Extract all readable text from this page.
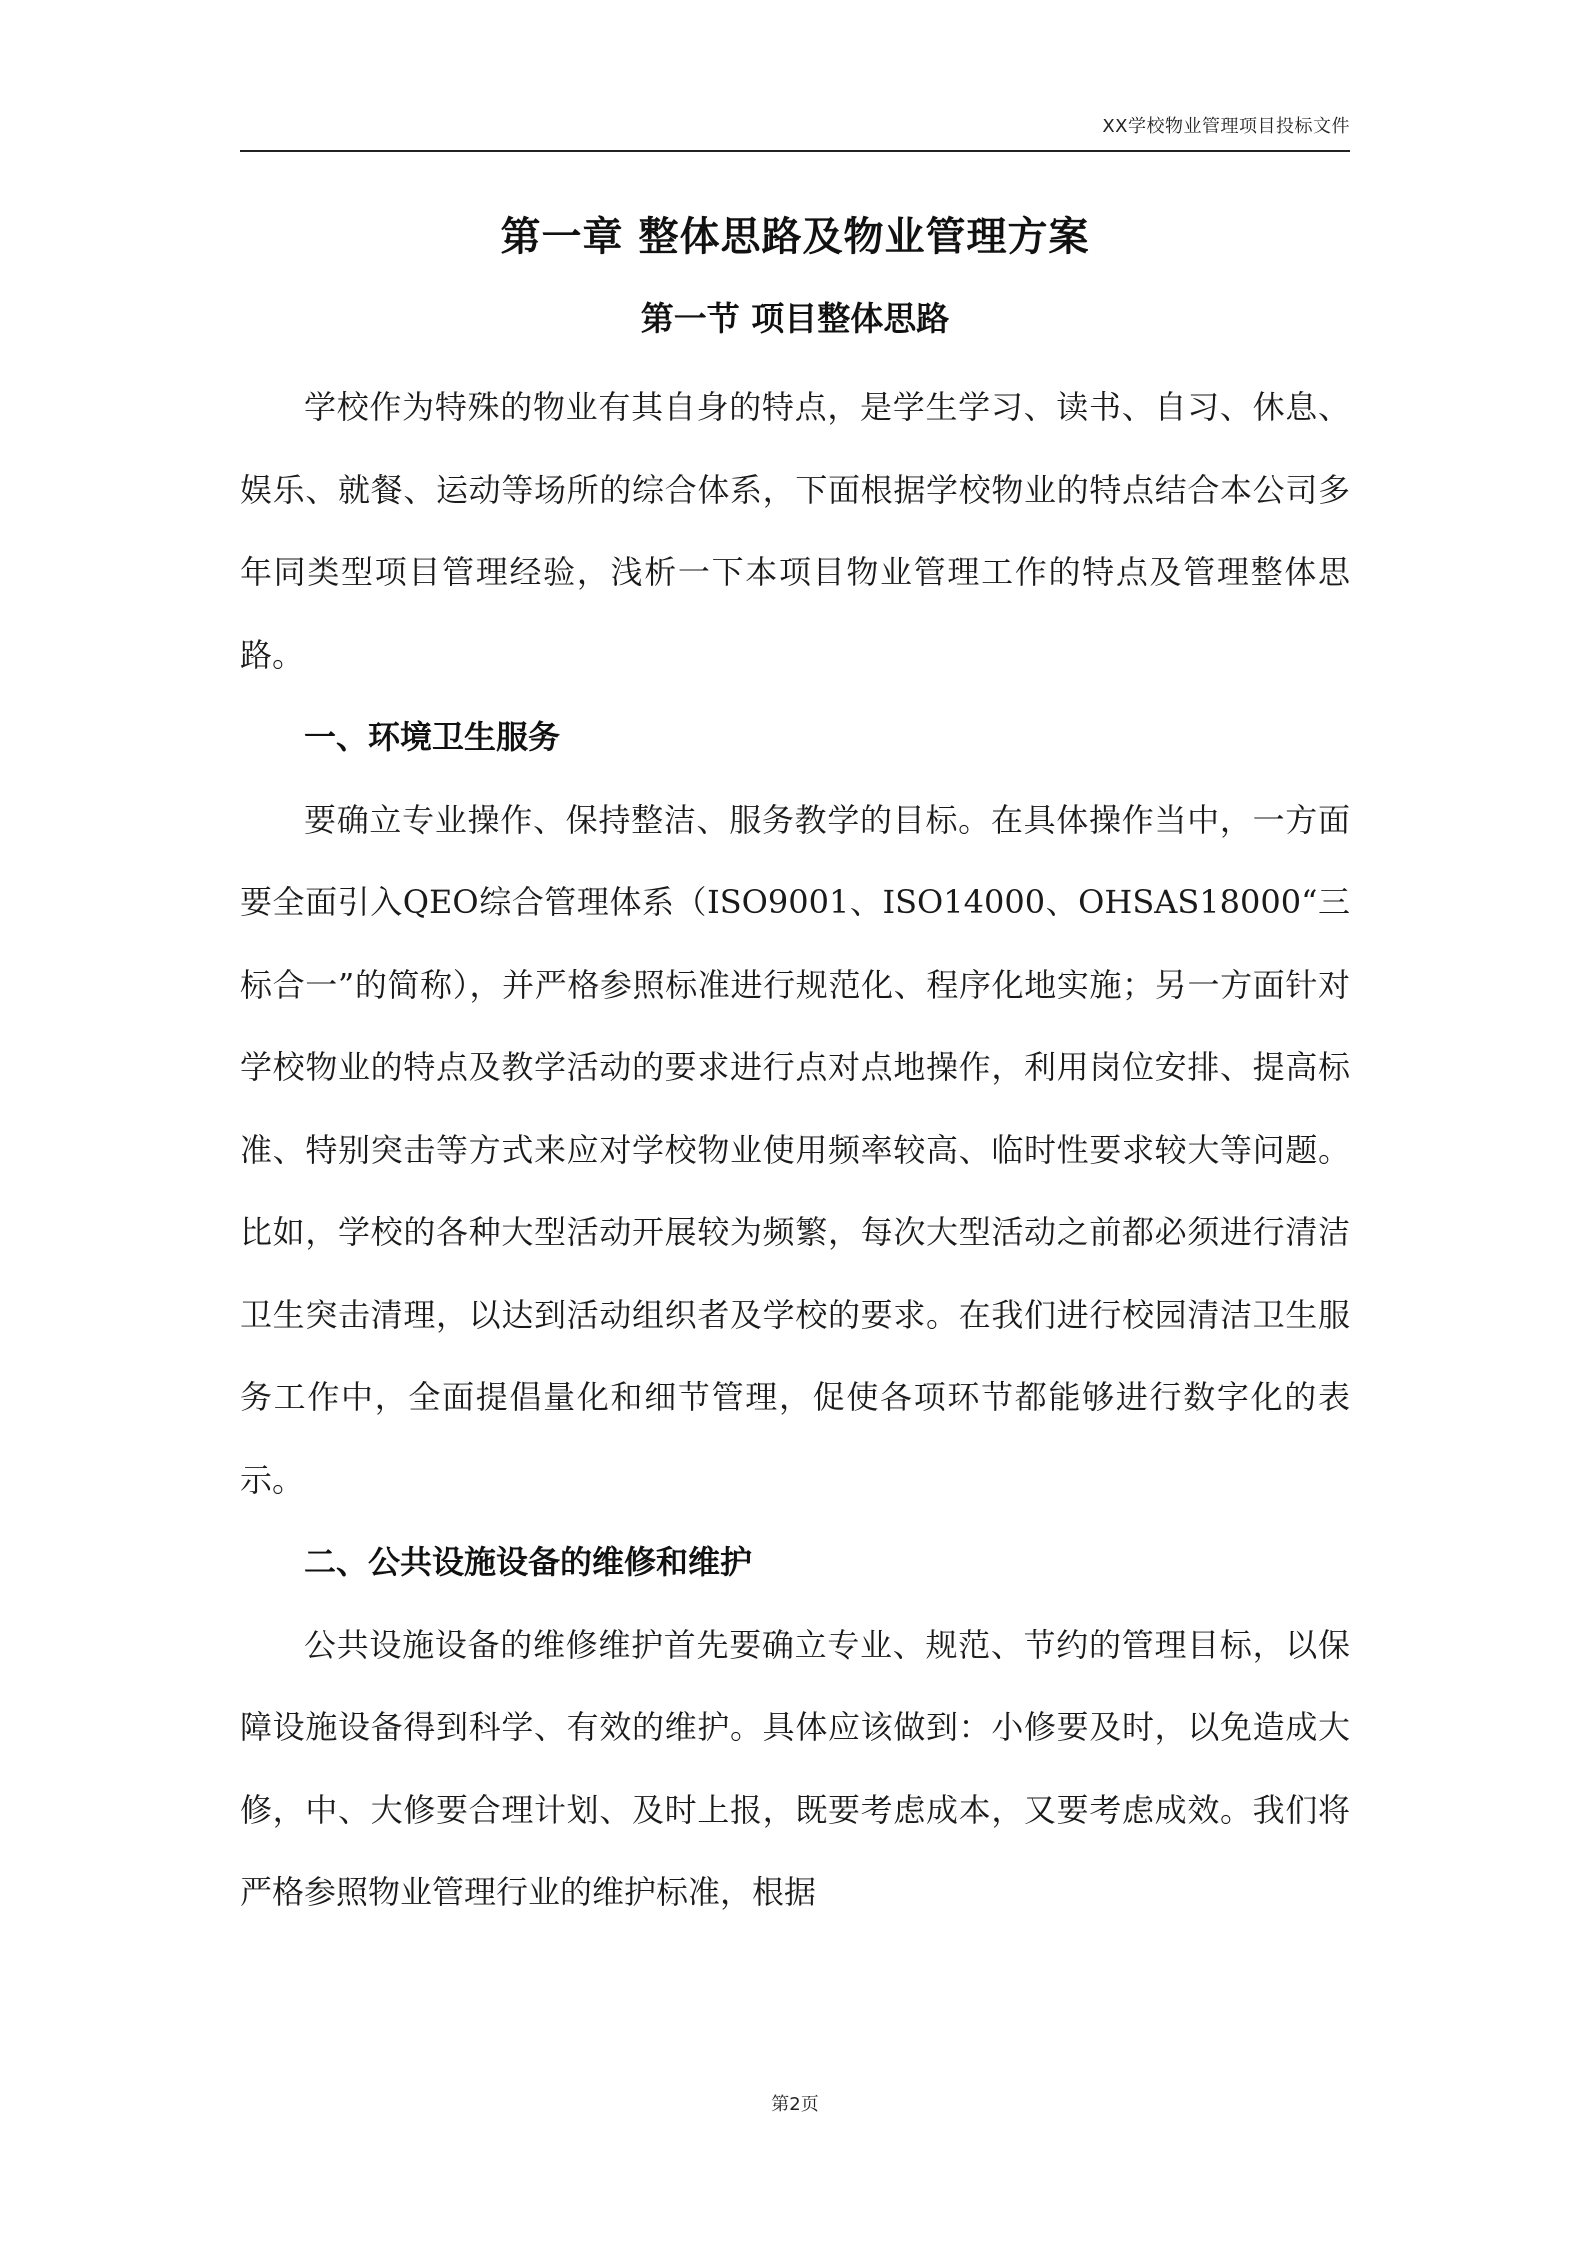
XX学校物业管理项目投标文件
第一章 整体思路及物业管理方案
第一节 项目整体思路

学校作为特殊的物业有其自身的特点，是学生学习、读书、自习、休息、娱乐、就餐、运动等场所的综合体系，下面根据学校物业的特点结合本公司多年同类型项目管理经验，浅析一下本项目物业管理工作的特点及管理整体思路。

一、环境卫生服务

要确立专业操作、保持整洁、服务教学的目标。在具体操作当中，一方面要全面引入QEO综合管理体系（ISO9001、ISO14000、OHSAS18000“三标合一”的简称），并严格参照标准进行规范化、程序化地实施；另一方面针对学校物业的特点及教学活动的要求进行点对点地操作，利用岗位安排、提高标准、特别突击等方式来应对学校物业使用频率较高、临时性要求较大等问题。比如，学校的各种大型活动开展较为频繁，每次大型活动之前都必须进行清洁卫生突击清理，以达到活动组织者及学校的要求。在我们进行校园清洁卫生服务工作中，全面提倡量化和细节管理，促使各项环节都能够进行数字化的表示。

二、公共设施设备的维修和维护

公共设施设备的维修维护首先要确立专业、规范、节约的管理目标，以保障设施设备得到科学、有效的维护。具体应该做到：小修要及时，以免造成大修，中、大修要合理计划、及时上报，既要考虑成本，又要考虑成效。我们将严格参照物业管理行业的维护标准，根据

第2页
